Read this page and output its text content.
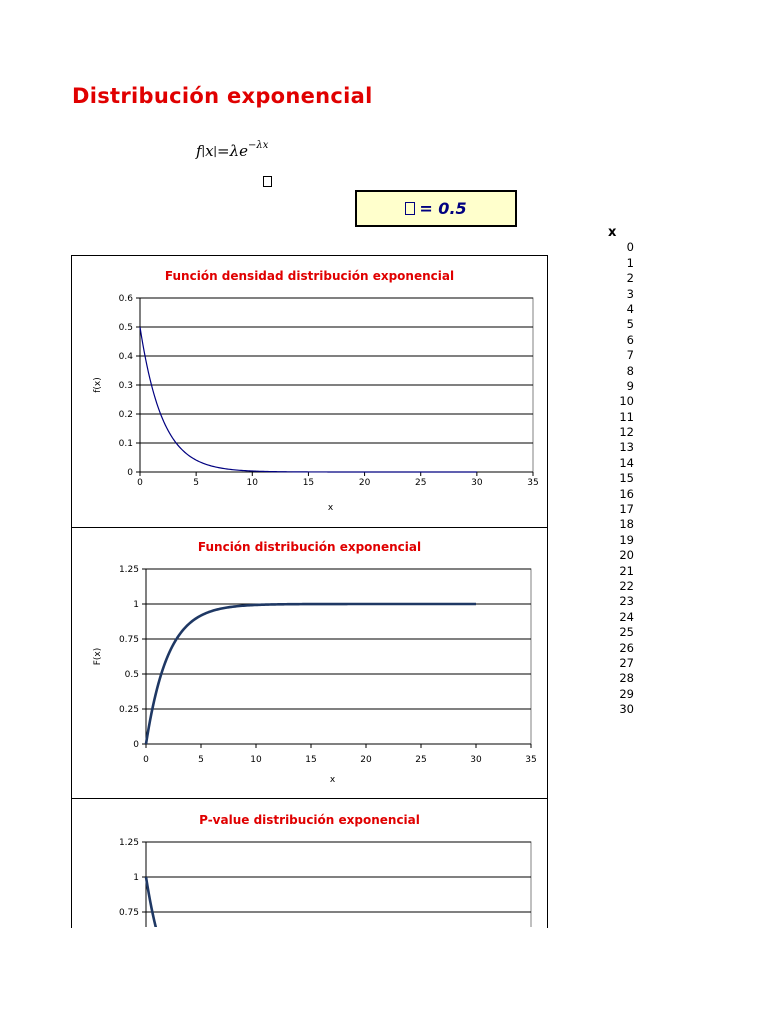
Distribución exponencial
$f∣x∣=\lambda e^{-\lambda x}$
= 0.5
x
0
1
2
3
4
5
6
7
8
9
10
11
12
13
14
15
16
17
18
19
20
21
22
23
24
25
26
27
28
29
30
Función densidad distribución exponencial
0
0.1
0.2
0.3
0.4
0.5
0.6
0	5	10	15	20	25	30	35
x
f(x)
Función distribución exponencial
0
0.25
0.5
0.75
1
1.25
0	5	10	15	20	25	30	35
x
F(x)
P-value distribución exponencial
0.75
1
1.25
